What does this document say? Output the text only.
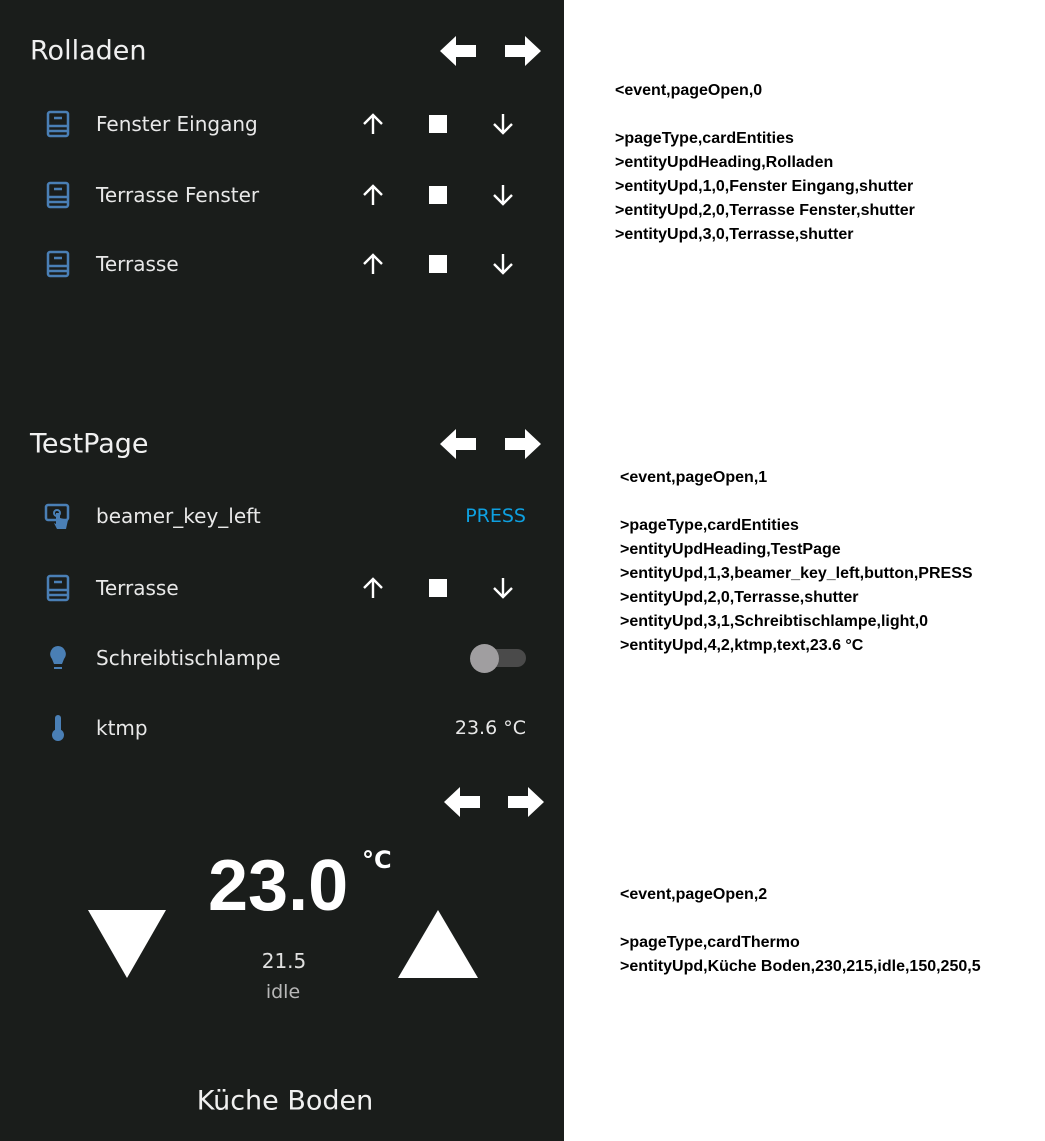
Rolladen
Fenster Eingang
Terrasse Fenster
Terrasse
TestPage
beamer_key_left	PRESS
Terrasse
Schreibtischlampe
ktmp	23.6 °C
23.0 °C
21.5
idle
Küche Boden
<event,pageOpen,0

>pageType,cardEntities
>entityUpdHeading,Rolladen
>entityUpd,1,0,Fenster Eingang,shutter
>entityUpd,2,0,Terrasse Fenster,shutter
>entityUpd,3,0,Terrasse,shutter
<event,pageOpen,1

>pageType,cardEntities
>entityUpdHeading,TestPage
>entityUpd,1,3,beamer_key_left,button,PRESS
>entityUpd,2,0,Terrasse,shutter
>entityUpd,3,1,Schreibtischlampe,light,0
>entityUpd,4,2,ktmp,text,23.6 °C
<event,pageOpen,2

>pageType,cardThermo
>entityUpd,Küche Boden,230,215,idle,150,250,5
